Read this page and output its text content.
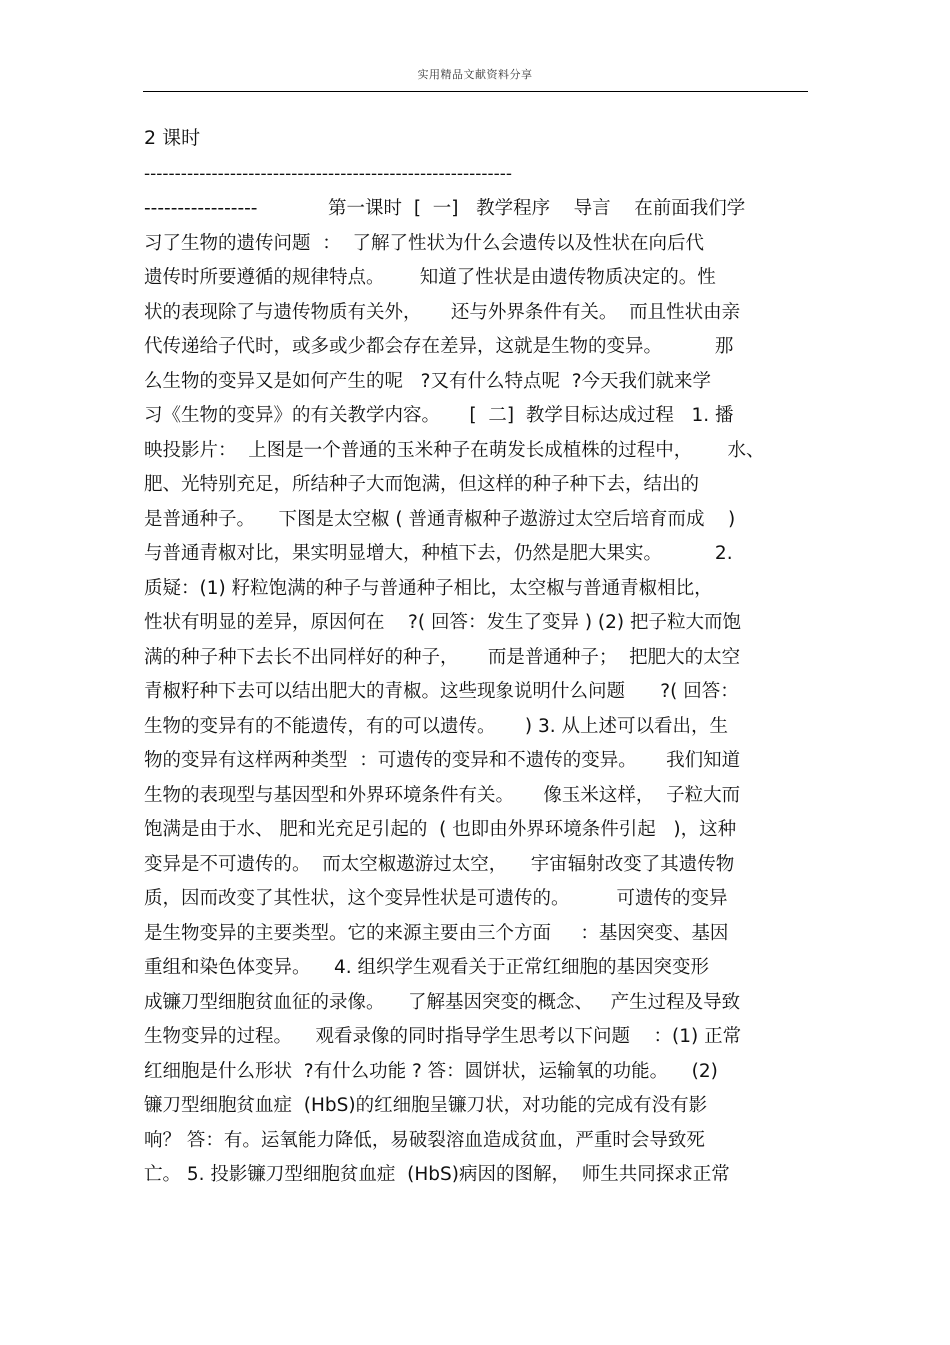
实用精品文献资料分享
2 课时
------------------------------------------------------------
-----------------            第一课时  [  一]   教学程序    导言    在前面我们学
习了生物的遗传问题  ：  了解了性状为什么会遗传以及性状在向后代
遗传时所要遵循的规律特点。      知道了性状是由遗传物质决定的。性
状的表现除了与遗传物质有关外，     还与外界条件有关。  而且性状由亲
代传递给子代时，或多或少都会存在差异，这就是生物的变异。         那
么生物的变异又是如何产生的呢   ?又有什么特点呢  ?今天我们就来学
习《生物的变异》的有关教学内容。     [  二]  教学目标达成过程   1. 播
映投影片：  上图是一个普通的玉米种子在萌发长成植株的过程中，      水、
肥、光特别充足，所结种子大而饱满，但这样的种子种下去，结出的
是普通种子。    下图是太空椒 ( 普通青椒种子遨游过太空后培育而成    )
与普通青椒对比，果实明显增大，种植下去，仍然是肥大果实。         2.
质疑：(1) 籽粒饱满的种子与普通种子相比，太空椒与普通青椒相比，
性状有明显的差异，原因何在    ?( 回答：发生了变异 ) (2) 把子粒大而饱
满的种子种下去长不出同样好的种子，     而是普通种子；  把肥大的太空
青椒籽种下去可以结出肥大的青椒。这些现象说明什么问题      ?( 回答：
生物的变异有的不能遗传，有的可以遗传。     ) 3. 从上述可以看出，生
物的变异有这样两种类型  ：可遗传的变异和不遗传的变异。     我们知道
生物的表现型与基因型和外界环境条件有关。     像玉米这样，  子粒大而
饱满是由于水、 肥和光充足引起的  ( 也即由外界环境条件引起   )，这种
变异是不可遗传的。  而太空椒遨游过太空，    宇宙辐射改变了其遗传物
质，因而改变了其性状，这个变异性状是可遗传的。        可遗传的变异
是生物变异的主要类型。它的来源主要由三个方面     ：基因突变、基因
重组和染色体变异。    4. 组织学生观看关于正常红细胞的基因突变形
成镰刀型细胞贫血征的录像。    了解基因突变的概念、   产生过程及导致
生物变异的过程。    观看录像的同时指导学生思考以下问题    ：(1) 正常
红细胞是什么形状  ?有什么功能 ? 答：圆饼状，运输氧的功能。    (2)
镰刀型细胞贫血症  (HbS)的红细胞呈镰刀状，对功能的完成有没有影
响？ 答：有。运氧能力降低，易破裂溶血造成贫血，严重时会导致死
亡。 5. 投影镰刀型细胞贫血症  (HbS)病因的图解，  师生共同探求正常
